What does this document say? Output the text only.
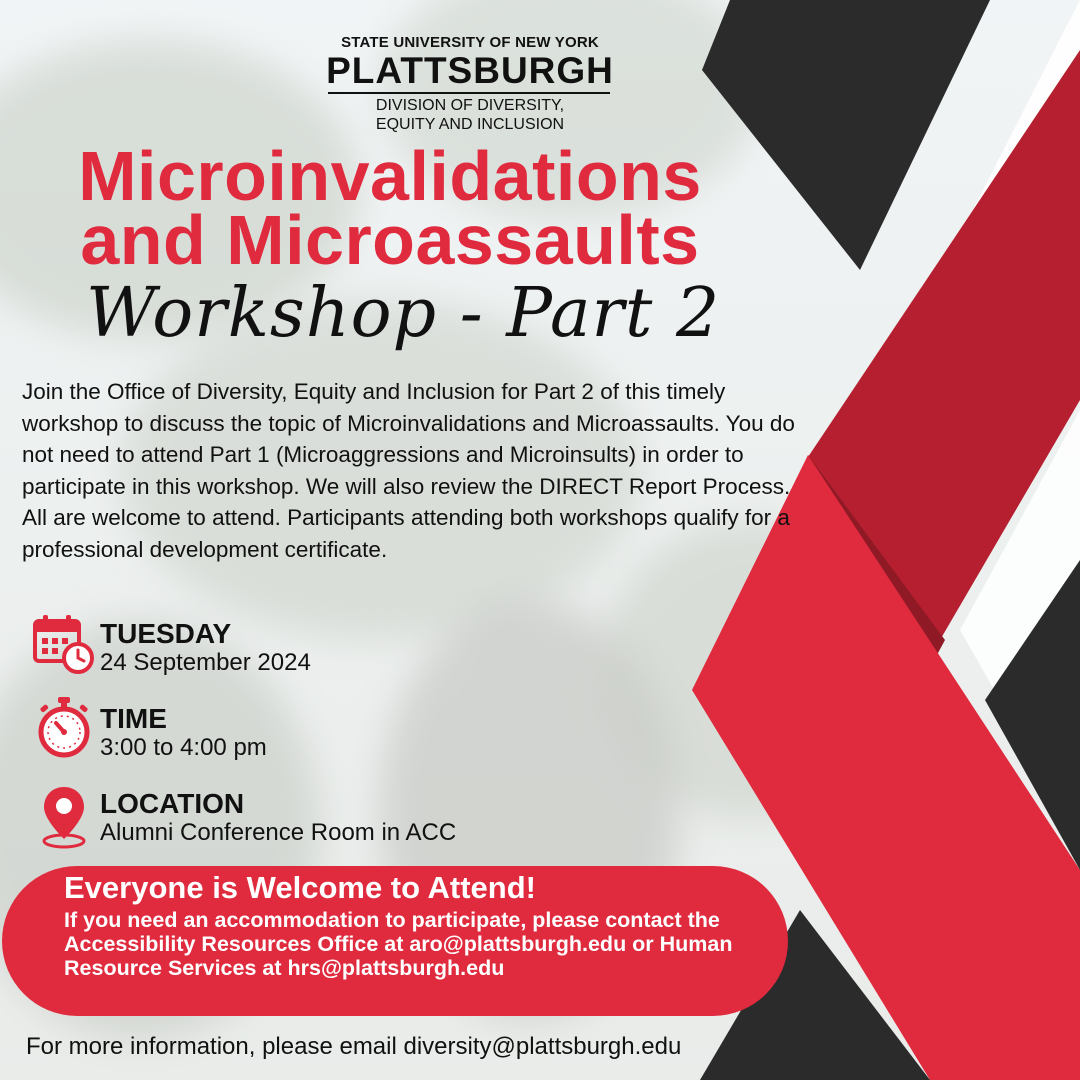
STATE UNIVERSITY OF NEW YORK
PLATTSBURGH
DIVISION OF DIVERSITY,
EQUITY AND INCLUSION
Microinvalidations
and Microassaults
Workshop - Part 2
Join the Office of Diversity, Equity and Inclusion for Part 2 of this timely workshop to discuss the topic of Microinvalidations and Microassaults. You do not need to attend Part 1 (Microaggressions and Microinsults) in order to participate in this workshop. We will also review the DIRECT Report Process. All are welcome to attend. Participants attending both workshops qualify for a professional development certificate.
TUESDAY
24 September 2024
TIME
3:00 to 4:00 pm
LOCATION
Alumni Conference Room in ACC
Everyone is Welcome to Attend!
If you need an accommodation to participate, please contact the Accessibility Resources Office at aro@plattsburgh.edu or Human Resource Services at hrs@plattsburgh.edu
For more information, please email diversity@plattsburgh.edu
